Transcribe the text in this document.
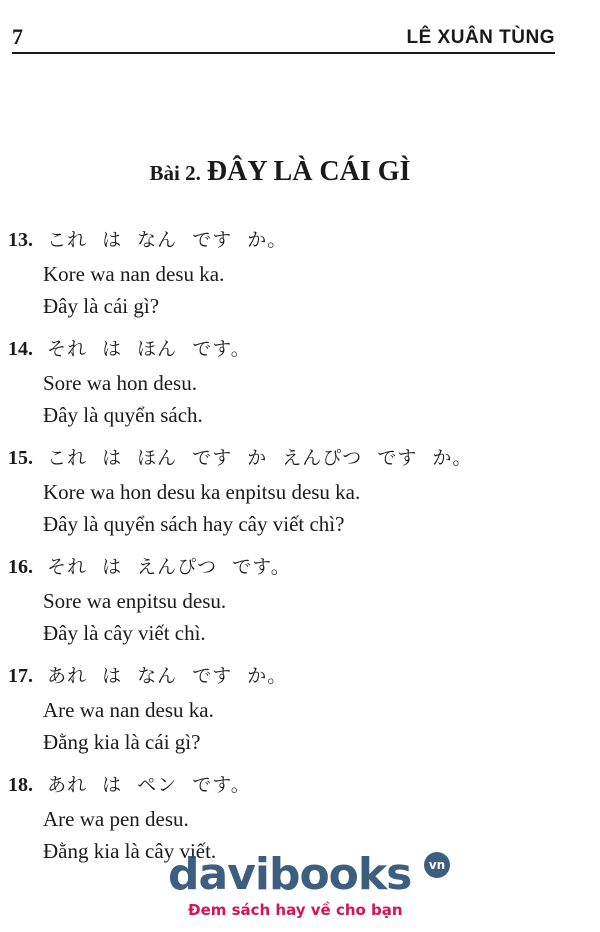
7	LÊ XUÂN TÙNG
Bài 2. ĐÂY LÀ CÁI GÌ
13. これ は なん です か。
Kore wa nan desu ka.
Đây là cái gì?
14. それ は ほん です。
Sore wa hon desu.
Đây là quyển sách.
15. これ は ほん です か えんぴつ です か。
Kore wa hon desu ka enpitsu desu ka.
Đây là quyển sách hay cây viết chì?
16. それ は えんぴつ です。
Sore wa enpitsu desu.
Đây là cây viết chì.
17. あれ は なん です か。
Are wa nan desu ka.
Đằng kia là cái gì?
18. あれ は ペン です。
Are wa pen desu.
Đằng kia là cây viết.
davibooks	vn
Đem sách hay về cho bạn
